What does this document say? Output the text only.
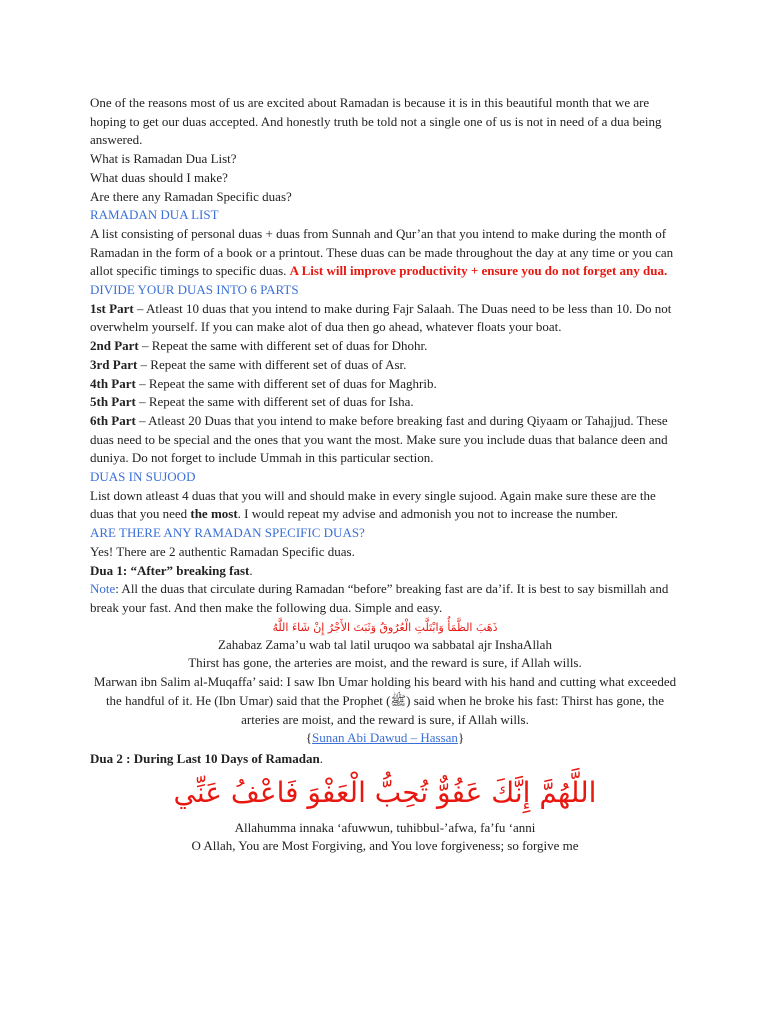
One of the reasons most of us are excited about Ramadan is because it is in this beautiful month that we are hoping to get our duas accepted. And honestly truth be told not a single one of us is not in need of a dua being answered.

What is Ramadan Dua List?

What duas should I make?

Are there any Ramadan Specific duas?

RAMADAN DUA LIST

A list consisting of personal duas + duas from Sunnah and Qur’an that you intend to make during the month of Ramadan in the form of a book or a printout. These duas can be made throughout the day at any time or you can allot specific timings to specific duas. A List will improve productivity + ensure you do not forget any dua.

DIVIDE YOUR DUAS INTO 6 PARTS

1st Part – Atleast 10 duas that you intend to make during Fajr Salaah. The Duas need to be less than 10. Do not overwhelm yourself. If you can make alot of dua then go ahead, whatever floats your boat.

2nd Part – Repeat the same with different set of duas for Dhohr.

3rd Part – Repeat the same with different set of duas of Asr.

4th Part – Repeat the same with different set of duas for Maghrib.

5th Part – Repeat the same with different set of duas for Isha.

6th Part – Atleast 20 Duas that you intend to make before breaking fast and during Qiyaam or Tahajjud. These duas need to be special and the ones that you want the most. Make sure you include duas that balance deen and duniya. Do not forget to include Ummah in this particular section.

DUAS IN SUJOOD

List down atleast 4 duas that you will and should make in every single sujood. Again make sure these are the duas that you need the most. I would repeat my advise and admonish you not to increase the number.

ARE THERE ANY RAMADAN SPECIFIC DUAS?

Yes! There are 2 authentic Ramadan Specific duas.

Dua 1: “After” breaking fast.

Note: All the duas that circulate during Ramadan “before” breaking fast are da’if. It is best to say bismillah and break your fast. And then make the following dua. Simple and easy.

ذَهَبَ الظَّمَأُ وَابْتَلَّتِ الْعُرُوقُ وَثَبَتَ الأَجْرُ إِنْ شَاءَ اللَّهُ

Zahabaz Zama’u wab tal latil uruqoo wa sabbatal ajr InshaAllah

Thirst has gone, the arteries are moist, and the reward is sure, if Allah wills.

Marwan ibn Salim al-Muqaffa’ said: I saw Ibn Umar holding his beard with his hand and cutting what exceeded the handful of it. He (Ibn Umar) said that the Prophet (ﷺ) said when he broke his fast: Thirst has gone, the arteries are moist, and the reward is sure, if Allah wills.

{Sunan Abi Dawud – Hassan}

Dua 2 : During Last 10 Days of Ramadan.

اللَّهُمَّ إِنَّكَ عَفُوٌّ تُحِبُّ الْعَفْوَ فَاعْفُ عَنِّي

Allahumma innaka ‘afuwwun, tuhibbul-’afwa, fa’fu ‘anni

O Allah, You are Most Forgiving, and You love forgiveness; so forgive me
